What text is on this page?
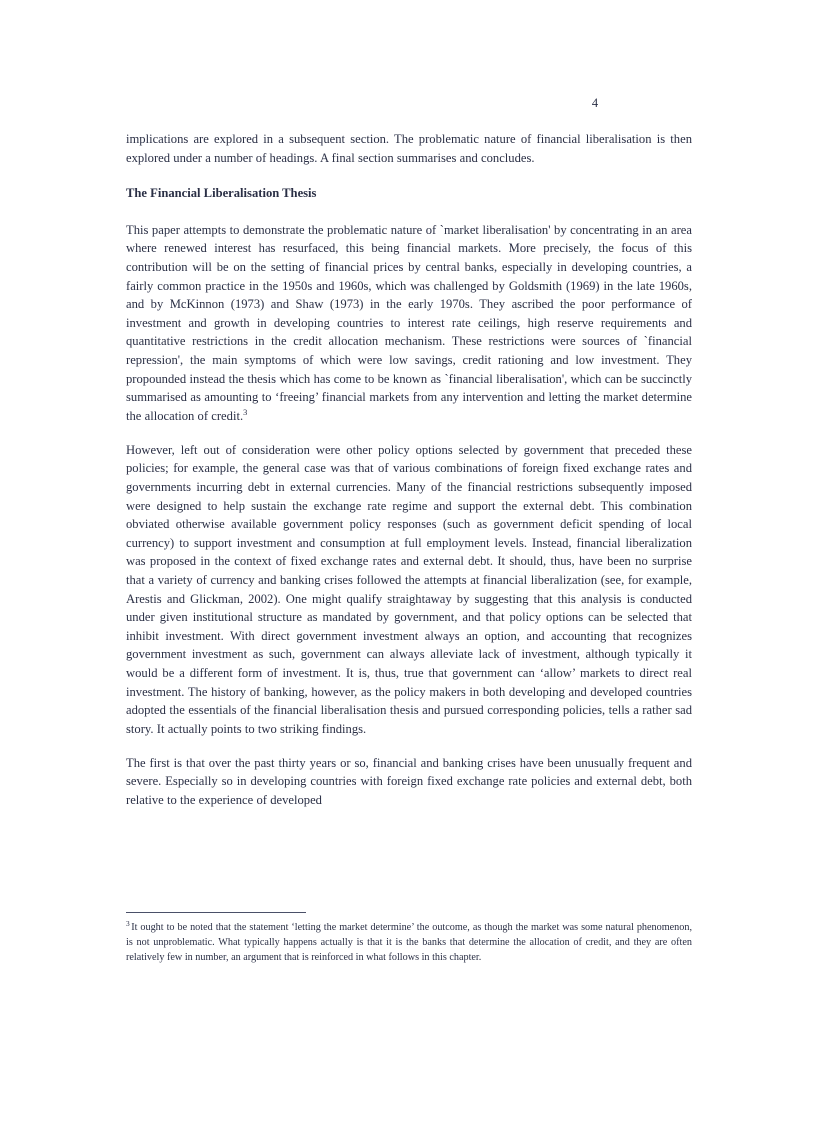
4

implications are explored in a subsequent section. The problematic nature of financial liberalisation is then explored under a number of headings. A final section summarises and concludes.

The Financial Liberalisation Thesis

This paper attempts to demonstrate the problematic nature of `market liberalisation' by concentrating in an area where renewed interest has resurfaced, this being financial markets. More precisely, the focus of this contribution will be on the setting of financial prices by central banks, especially in developing countries, a fairly common practice in the 1950s and 1960s, which was challenged by Goldsmith (1969) in the late 1960s, and by McKinnon (1973) and Shaw (1973) in the early 1970s. They ascribed the poor performance of investment and growth in developing countries to interest rate ceilings, high reserve requirements and quantitative restrictions in the credit allocation mechanism. These restrictions were sources of `financial repression', the main symptoms of which were low savings, credit rationing and low investment. They propounded instead the thesis which has come to be known as `financial liberalisation', which can be succinctly summarised as amounting to ‘freeing’ financial markets from any intervention and letting the market determine the allocation of credit.$^3$

However, left out of consideration were other policy options selected by government that preceded these policies; for example, the general case was that of various combinations of foreign fixed exchange rates and governments incurring debt in external currencies. Many of the financial restrictions subsequently imposed were designed to help sustain the exchange rate regime and support the external debt. This combination obviated otherwise available government policy responses (such as government deficit spending of local currency) to support investment and consumption at full employment levels. Instead, financial liberalization was proposed in the context of fixed exchange rates and external debt. It should, thus, have been no surprise that a variety of currency and banking crises followed the attempts at financial liberalization (see, for example, Arestis and Glickman, 2002). One might qualify straightaway by suggesting that this analysis is conducted under given institutional structure as mandated by government, and that policy options can be selected that inhibit investment. With direct government investment always an option, and accounting that recognizes government investment as such, government can always alleviate lack of investment, although typically it would be a different form of investment. It is, thus, true that government can ‘allow’ markets to direct real investment. The history of banking, however, as the policy makers in both developing and developed countries adopted the essentials of the financial liberalisation thesis and pursued corresponding policies, tells a rather sad story. It actually points to two striking findings.

The first is that over the past thirty years or so, financial and banking crises have been unusually frequent and severe. Especially so in developing countries with foreign fixed exchange rate policies and external debt, both relative to the experience of developed

$^3$ It ought to be noted that the statement ‘letting the market determine’ the outcome, as though the market was some natural phenomenon, is not unproblematic. What typically happens actually is that it is the banks that determine the allocation of credit, and they are often relatively few in number, an argument that is reinforced in what follows in this chapter.
